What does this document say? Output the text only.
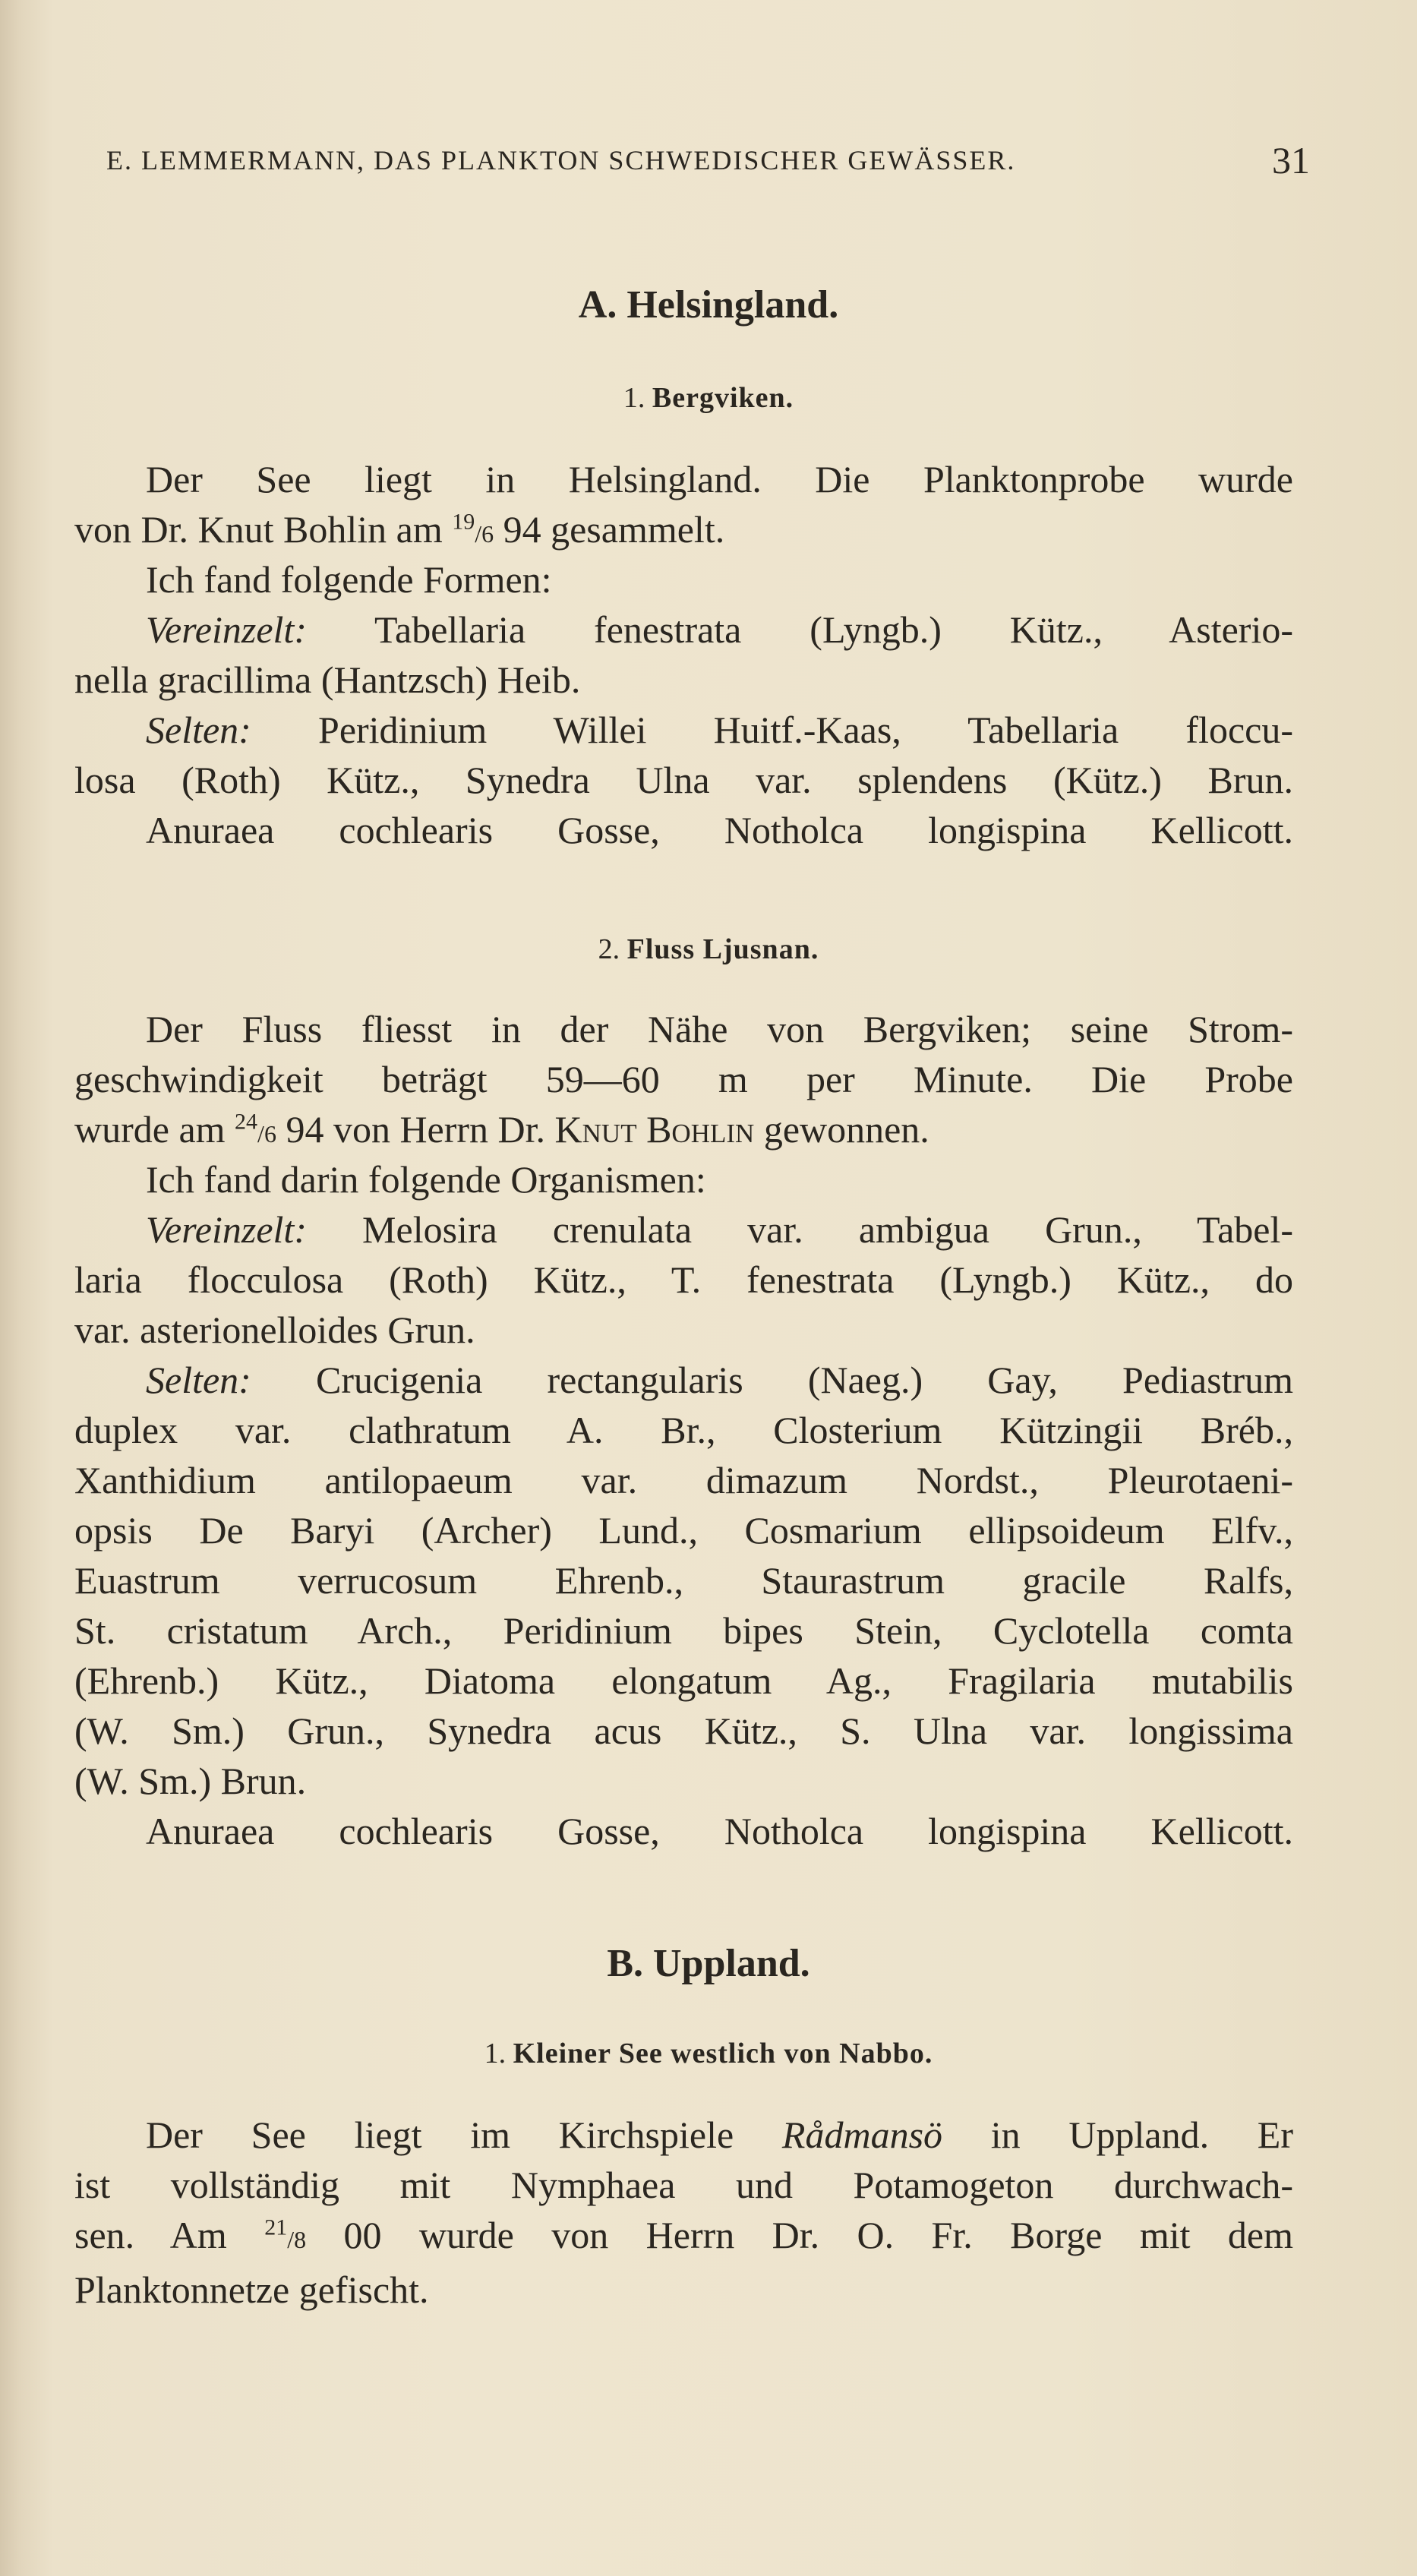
E. LEMMERMANN, DAS PLANKTON SCHWEDISCHER GEWÄSSER.	31
A. Helsingland.
1. Bergviken.
Der See liegt in Helsingland. Die Planktonprobe wurde
von Dr. Knut Bohlin am $^{19}$/6 94 gesammelt.
Ich fand folgende Formen:
Vereinzelt: Tabellaria fenestrata (Lyngb.) Kütz., Asterio-
nella gracillima (Hantzsch) Heib.
Selten: Peridinium Willei Huitf.-Kaas, Tabellaria floccu-
losa (Roth) Kütz., Synedra Ulna var. splendens (Kütz.) Brun.
Anuraea cochlearis Gosse, Notholca longispina Kellicott.
2. Fluss Ljusnan.
Der Fluss fliesst in der Nähe von Bergviken; seine Strom-
geschwindigkeit beträgt 59—60 m per Minute. Die Probe
wurde am $^{24}$/6 94 von Herrn Dr. Knut Bohlin gewonnen.
Ich fand darin folgende Organismen:
Vereinzelt: Melosira crenulata var. ambigua Grun., Tabel-
laria flocculosa (Roth) Kütz., T. fenestrata (Lyngb.) Kütz., do
var. asterionelloides Grun.
Selten: Crucigenia rectangularis (Naeg.) Gay, Pediastrum
duplex var. clathratum A. Br., Closterium Kützingii Bréb.,
Xanthidium antilopaeum var. dimazum Nordst., Pleurotaeni-
opsis De Baryi (Archer) Lund., Cosmarium ellipsoideum Elfv.,
Euastrum verrucosum Ehrenb., Staurastrum gracile Ralfs,
St. cristatum Arch., Peridinium bipes Stein, Cyclotella comta
(Ehrenb.) Kütz., Diatoma elongatum Ag., Fragilaria mutabilis
(W. Sm.) Grun., Synedra acus Kütz., S. Ulna var. longissima
(W. Sm.) Brun.
Anuraea cochlearis Gosse, Notholca longispina Kellicott.
B. Uppland.
1. Kleiner See westlich von Nabbo.
Der See liegt im Kirchspiele Rådmansö in Uppland. Er
ist vollständig mit Nymphaea und Potamogeton durchwach-
sen. Am $^{21}$/8 00 wurde von Herrn Dr. O. Fr. Borge mit dem
Planktonnetze gefischt.
